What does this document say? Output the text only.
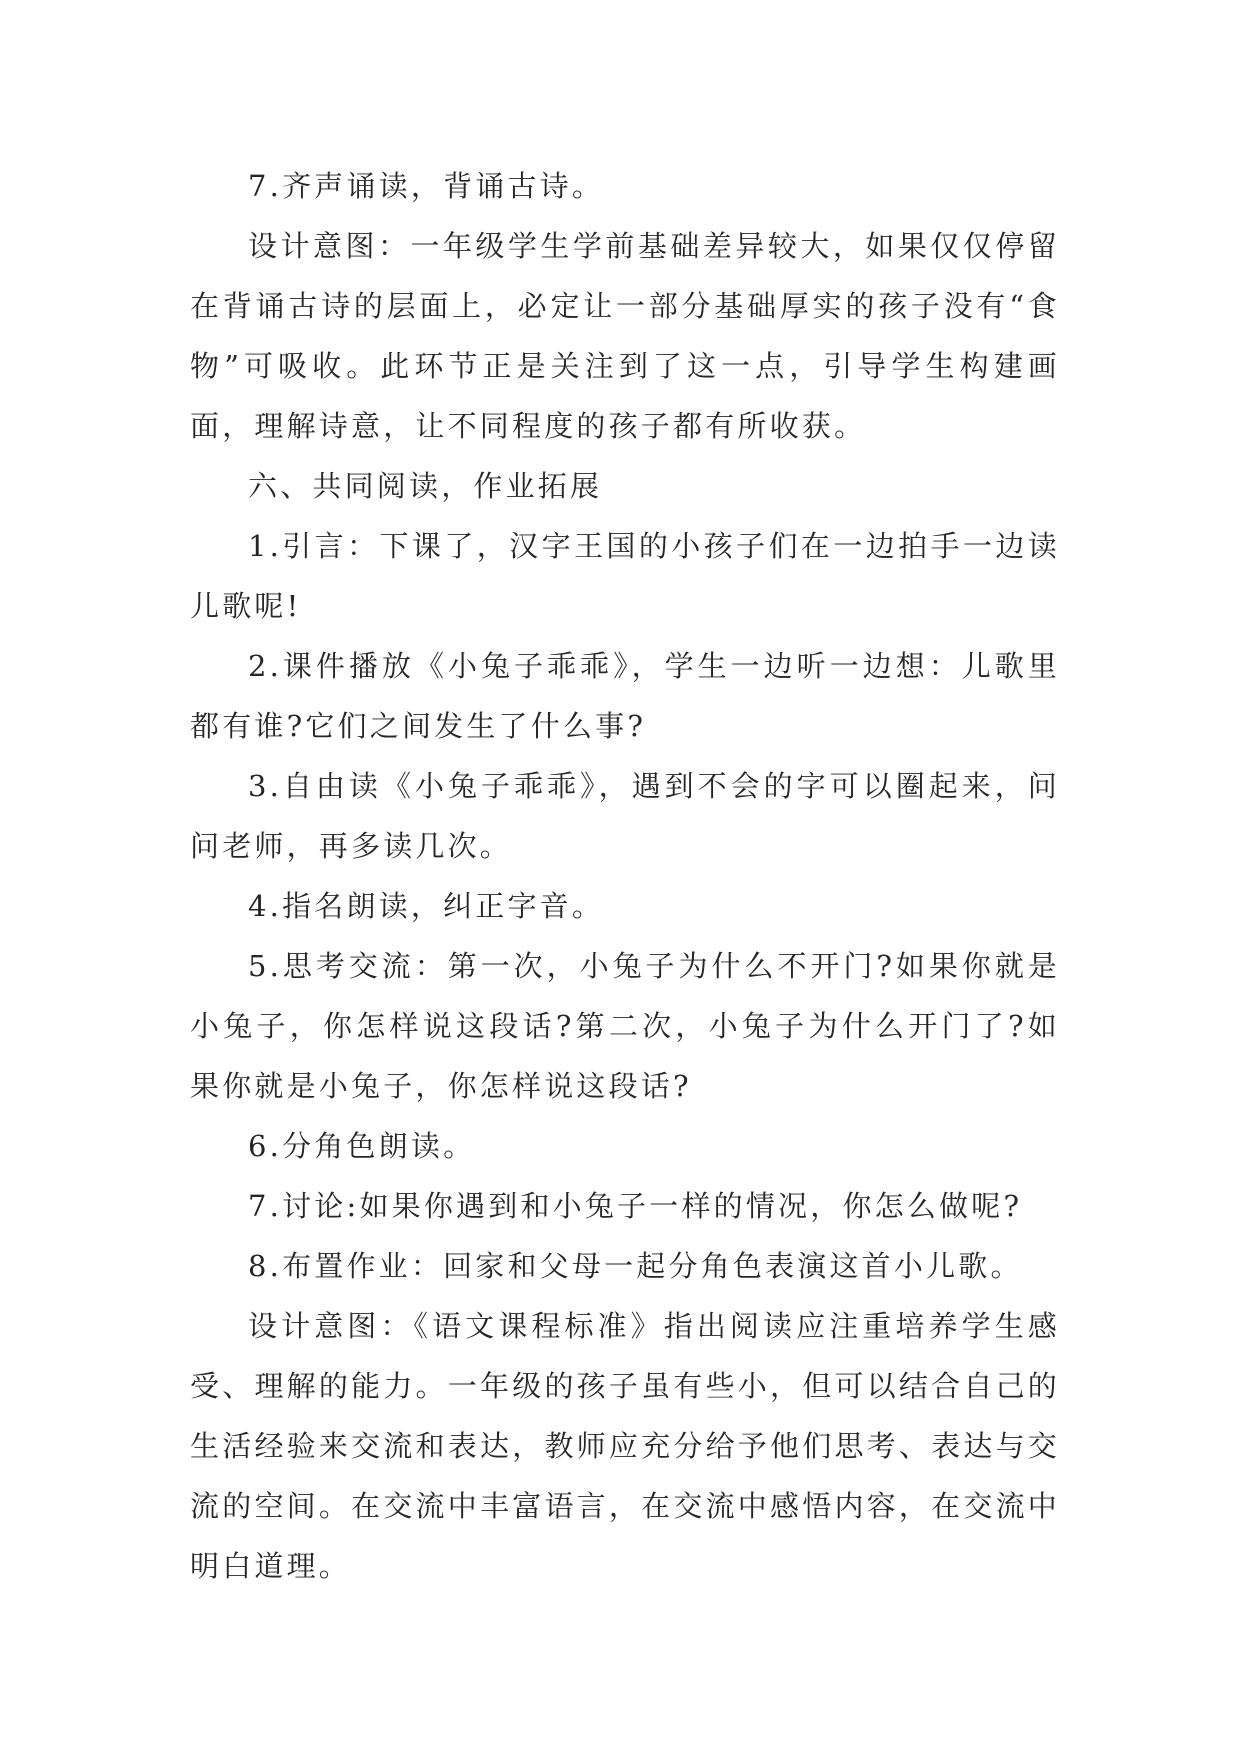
7.齐声诵读，背诵古诗。

设计意图：一年级学生学前基础差异较大，如果仅仅停留在背诵古诗的层面上，必定让一部分基础厚实的孩子没有“食物”可吸收。此环节正是关注到了这一点，引导学生构建画面，理解诗意，让不同程度的孩子都有所收获。

六、共同阅读，作业拓展

1.引言：下课了，汉字王国的小孩子们在一边拍手一边读儿歌呢!

2.课件播放《小兔子乖乖》，学生一边听一边想：儿歌里都有谁?它们之间发生了什么事?

3.自由读《小兔子乖乖》，遇到不会的字可以圈起来，问问老师，再多读几次。

4.指名朗读，纠正字音。

5.思考交流：第一次，小兔子为什么不开门?如果你就是小兔子，你怎样说这段话?第二次，小兔子为什么开门了?如果你就是小兔子，你怎样说这段话?

6.分角色朗读。

7.讨论:如果你遇到和小兔子一样的情况，你怎么做呢?

8.布置作业：回家和父母一起分角色表演这首小儿歌。

设计意图：《语文课程标准》指出阅读应注重培养学生感受、理解的能力。一年级的孩子虽有些小，但可以结合自己的生活经验来交流和表达，教师应充分给予他们思考、表达与交流的空间。在交流中丰富语言，在交流中感悟内容，在交流中明白道理。
